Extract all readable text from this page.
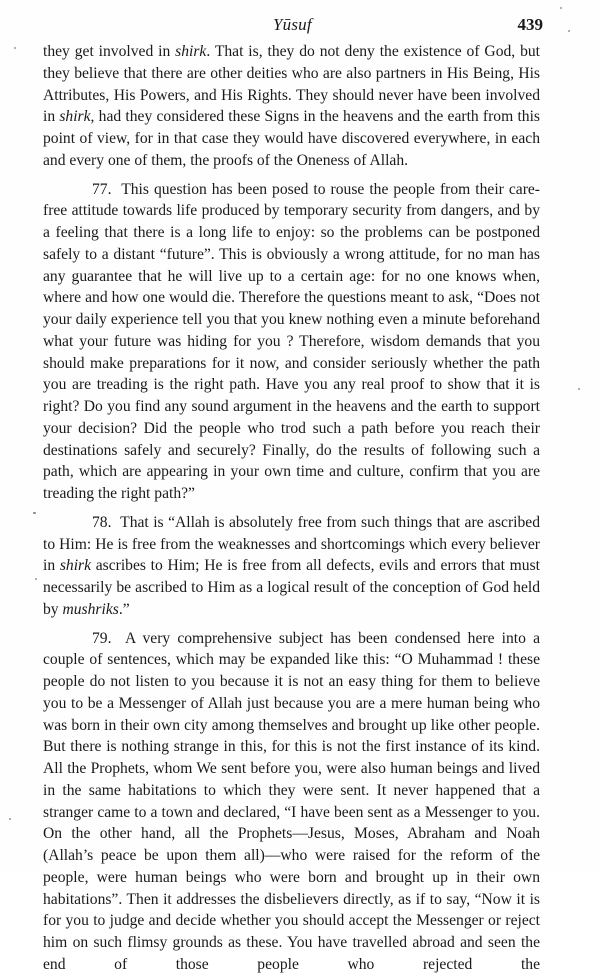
Yūsuf	439

they get involved in shirk. That is, they do not deny the existence of God, but they believe that there are other deities who are also partners in His Being, His Attributes, His Powers, and His Rights. They should never have been involved in shirk, had they considered these Signs in the heavens and the earth from this point of view, for in that case they would have discovered everywhere, in each and every one of them, the proofs of the Oneness of Allah.

77. This question has been posed to rouse the people from their care-free attitude towards life produced by temporary security from dangers, and by a feeling that there is a long life to enjoy: so the problems can be postponed safely to a distant “future”. This is obviously a wrong attitude, for no man has any guarantee that he will live up to a certain age: for no one knows when, where and how one would die. Therefore the questions meant to ask, “Does not your daily experience tell you that you knew nothing even a minute beforehand what your future was hiding for you ? Therefore, wisdom demands that you should make preparations for it now, and consider seriously whether the path you are treading is the right path. Have you any real proof to show that it is right? Do you find any sound argument in the heavens and the earth to support your decision? Did the people who trod such a path before you reach their destinations safely and securely? Finally, do the results of following such a path, which are appearing in your own time and culture, confirm that you are treading the right path?”

78. That is “Allah is absolutely free from such things that are ascribed to Him: He is free from the weaknesses and shortcomings which every believer in shirk ascribes to Him; He is free from all defects, evils and errors that must necessarily be ascribed to Him as a logical result of the conception of God held by mushriks.”

79. A very comprehensive subject has been condensed here into a couple of sentences, which may be expanded like this: “O Muhammad ! these people do not listen to you because it is not an easy thing for them to believe you to be a Messenger of Allah just because you are a mere human being who was born in their own city among themselves and brought up like other people. But there is nothing strange in this, for this is not the first instance of its kind. All the Prophets, whom We sent before you, were also human beings and lived in the same habitations to which they were sent. It never happened that a stranger came to a town and declared, “I have been sent as a Messenger to you. On the other hand, all the Prophets—Jesus, Moses, Abraham and Noah (Allah’s peace be upon them all)—who were raised for the reform of the people, were human beings who were born and brought up in their own habitations”. Then it addresses the disbelievers directly, as if to say, “Now it is for you to judge and decide whether you should accept the Messenger or reject him on such flimsy grounds as these. You have travelled abroad and seen the end of those people who rejected the
